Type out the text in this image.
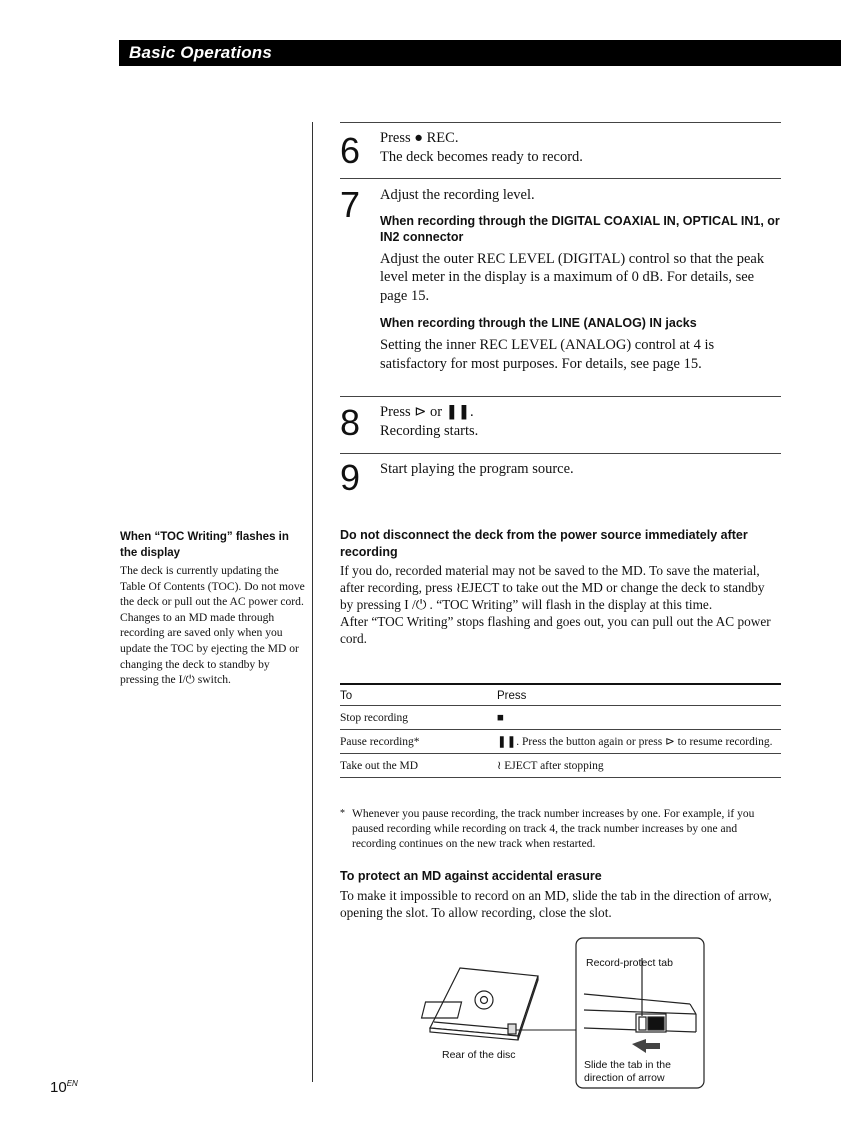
Basic Operations
6 Press ● REC.
The deck becomes ready to record.
7 Adjust the recording level.
When recording through the DIGITAL COAXIAL IN, OPTICAL IN1, or IN2 connector

Adjust the outer REC LEVEL (DIGITAL) control so that the peak level meter in the display is a maximum of 0 dB. For details, see page 15.

When recording through the LINE (ANALOG) IN jacks

Setting the inner REC LEVEL (ANALOG) control at 4 is satisfactory for most purposes. For details, see page 15.

8 Press ⊳ or ❚❚.
Recording starts.
9 Start playing the program source.
When “TOC Writing” flashes in the display
The deck is currently updating the Table Of Contents (TOC). Do not move the deck or pull out the AC power cord. Changes to an MD made through recording are saved only when you update the TOC by ejecting the MD or changing the deck to standby by pressing the I/⏻ switch.
Do not disconnect the deck from the power source immediately after recording
If you do, recorded material may not be saved to the MD. To save the material, after recording, press ≀EJECT to take out the MD or change the deck to standby by pressing I /⏻ . “TOC Writing” will flash in the display at this time.
After “TOC Writing” stops flashing and goes out, you can pull out the AC power cord.
To	Press
Stop recording	■
Pause recording*	❚❚. Press the button again or press ⊳ to resume recording.
Take out the MD	≀ EJECT after stopping
* Whenever you pause recording, the track number increases by one. For example, if you paused recording while recording on track 4, the track number increases by one and recording continues on the new track when restarted.
To protect an MD against accidental erasure
To make it impossible to record on an MD, slide the tab in the direction of arrow, opening the slot. To allow recording, close the slot.
Rear of the disc
Record-protect tab
Slide the tab in the direction of arrow
$10^{EN}$
